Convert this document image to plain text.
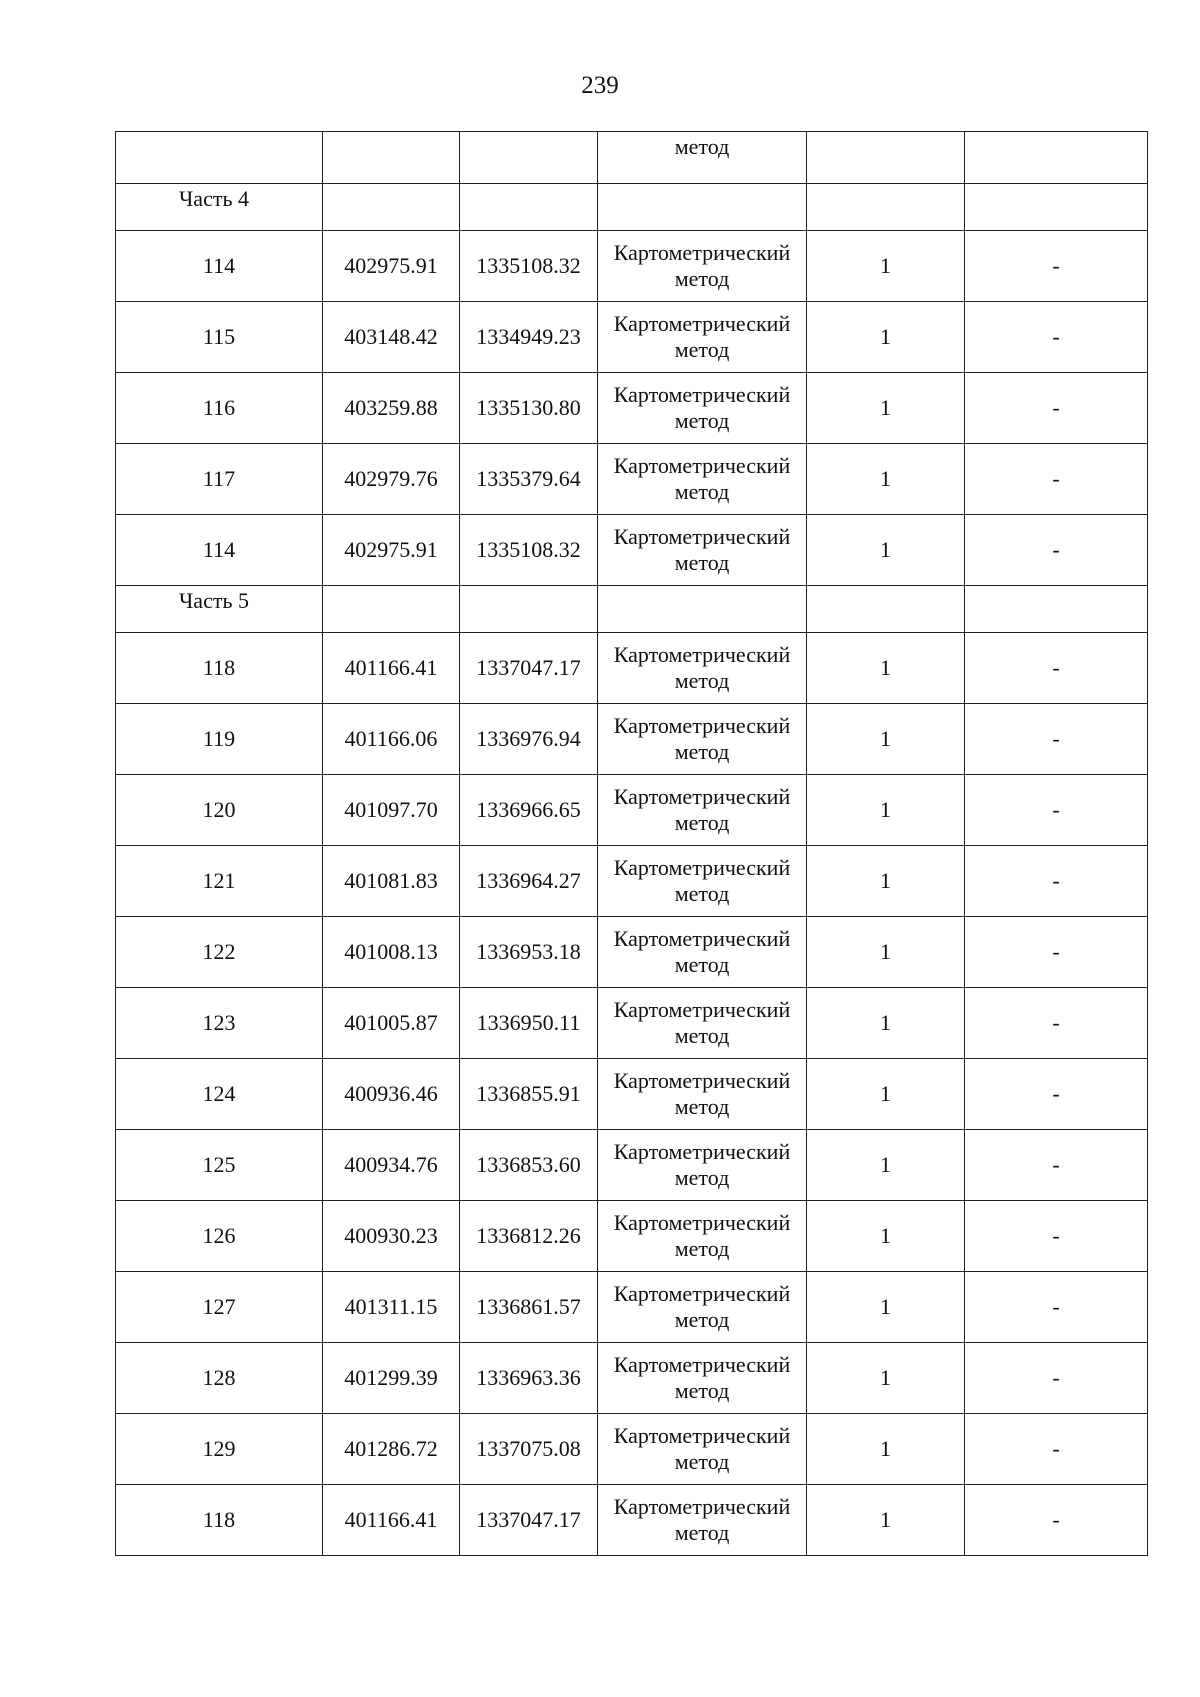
239
			метод		
Часть 4					
114	402975.91	1335108.32	Картометрический
метод	1	-
115	403148.42	1334949.23	Картометрический
метод	1	-
116	403259.88	1335130.80	Картометрический
метод	1	-
117	402979.76	1335379.64	Картометрический
метод	1	-
114	402975.91	1335108.32	Картометрический
метод	1	-
Часть 5					
118	401166.41	1337047.17	Картометрический
метод	1	-
119	401166.06	1336976.94	Картометрический
метод	1	-
120	401097.70	1336966.65	Картометрический
метод	1	-
121	401081.83	1336964.27	Картометрический
метод	1	-
122	401008.13	1336953.18	Картометрический
метод	1	-
123	401005.87	1336950.11	Картометрический
метод	1	-
124	400936.46	1336855.91	Картометрический
метод	1	-
125	400934.76	1336853.60	Картометрический
метод	1	-
126	400930.23	1336812.26	Картометрический
метод	1	-
127	401311.15	1336861.57	Картометрический
метод	1	-
128	401299.39	1336963.36	Картометрический
метод	1	-
129	401286.72	1337075.08	Картометрический
метод	1	-
118	401166.41	1337047.17	Картометрический
метод	1	-
